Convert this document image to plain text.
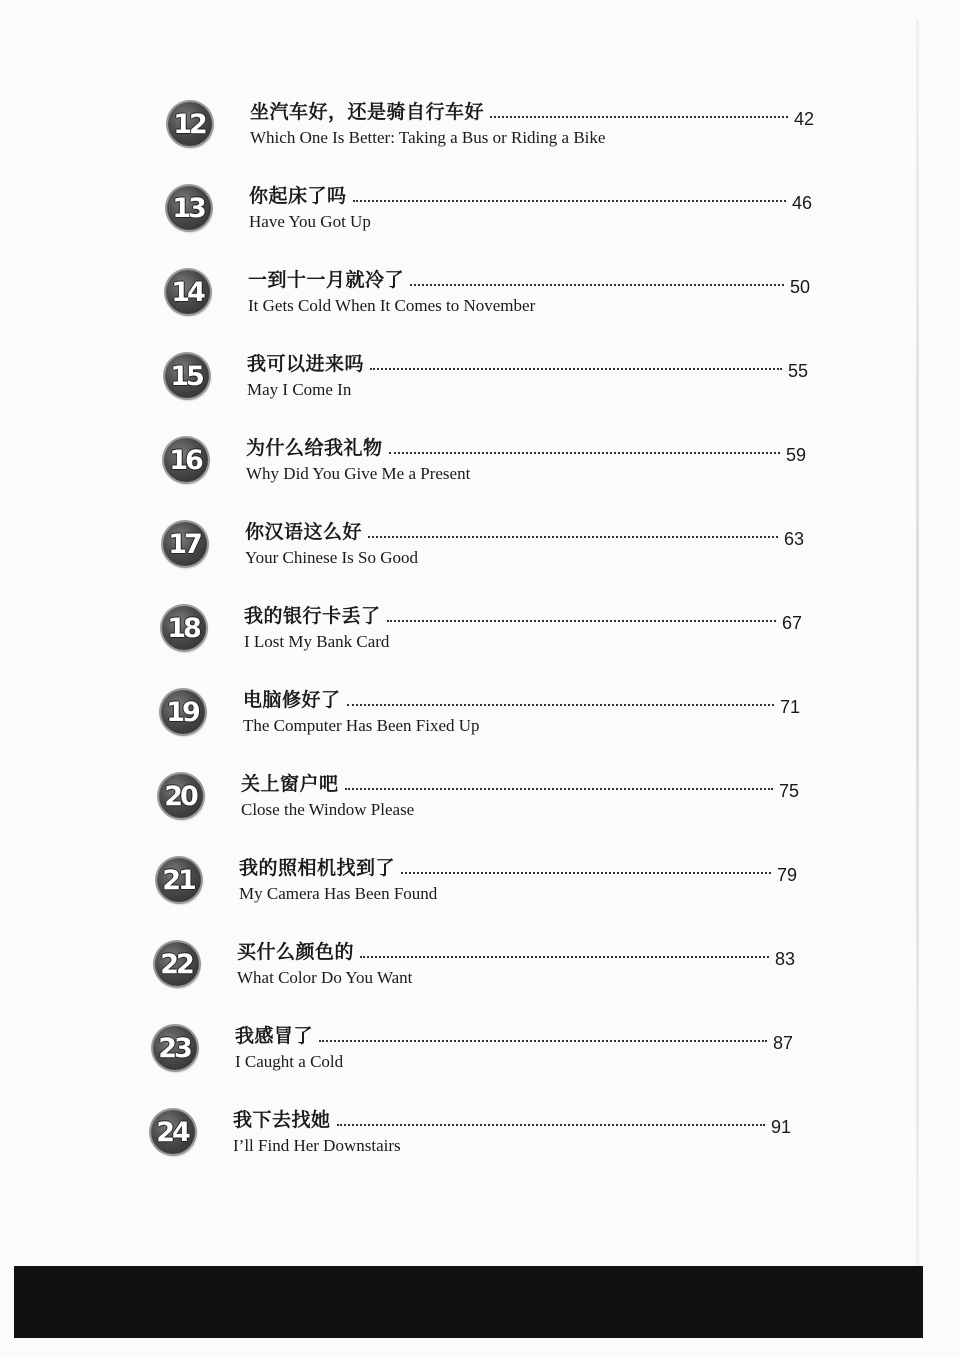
12 坐汽车好，还是骑自行车好	42
Which One Is Better: Taking a Bus or Riding a Bike
13 你起床了吗	46
Have You Got Up
14 一到十一月就冷了	50
It Gets Cold When It Comes to November
15 我可以进来吗	55
May I Come In
16 为什么给我礼物	59
Why Did You Give Me a Present
17 你汉语这么好	63
Your Chinese Is So Good
18 我的银行卡丢了	67
I Lost My Bank Card
19 电脑修好了	71
The Computer Has Been Fixed Up
20 关上窗户吧	75
Close the Window Please
21 我的照相机找到了	79
My Camera Has Been Found
22 买什么颜色的	83
What Color Do You Want
23 我感冒了	87
I Caught a Cold
24 我下去找她	91
I’ll Find Her Downstairs
